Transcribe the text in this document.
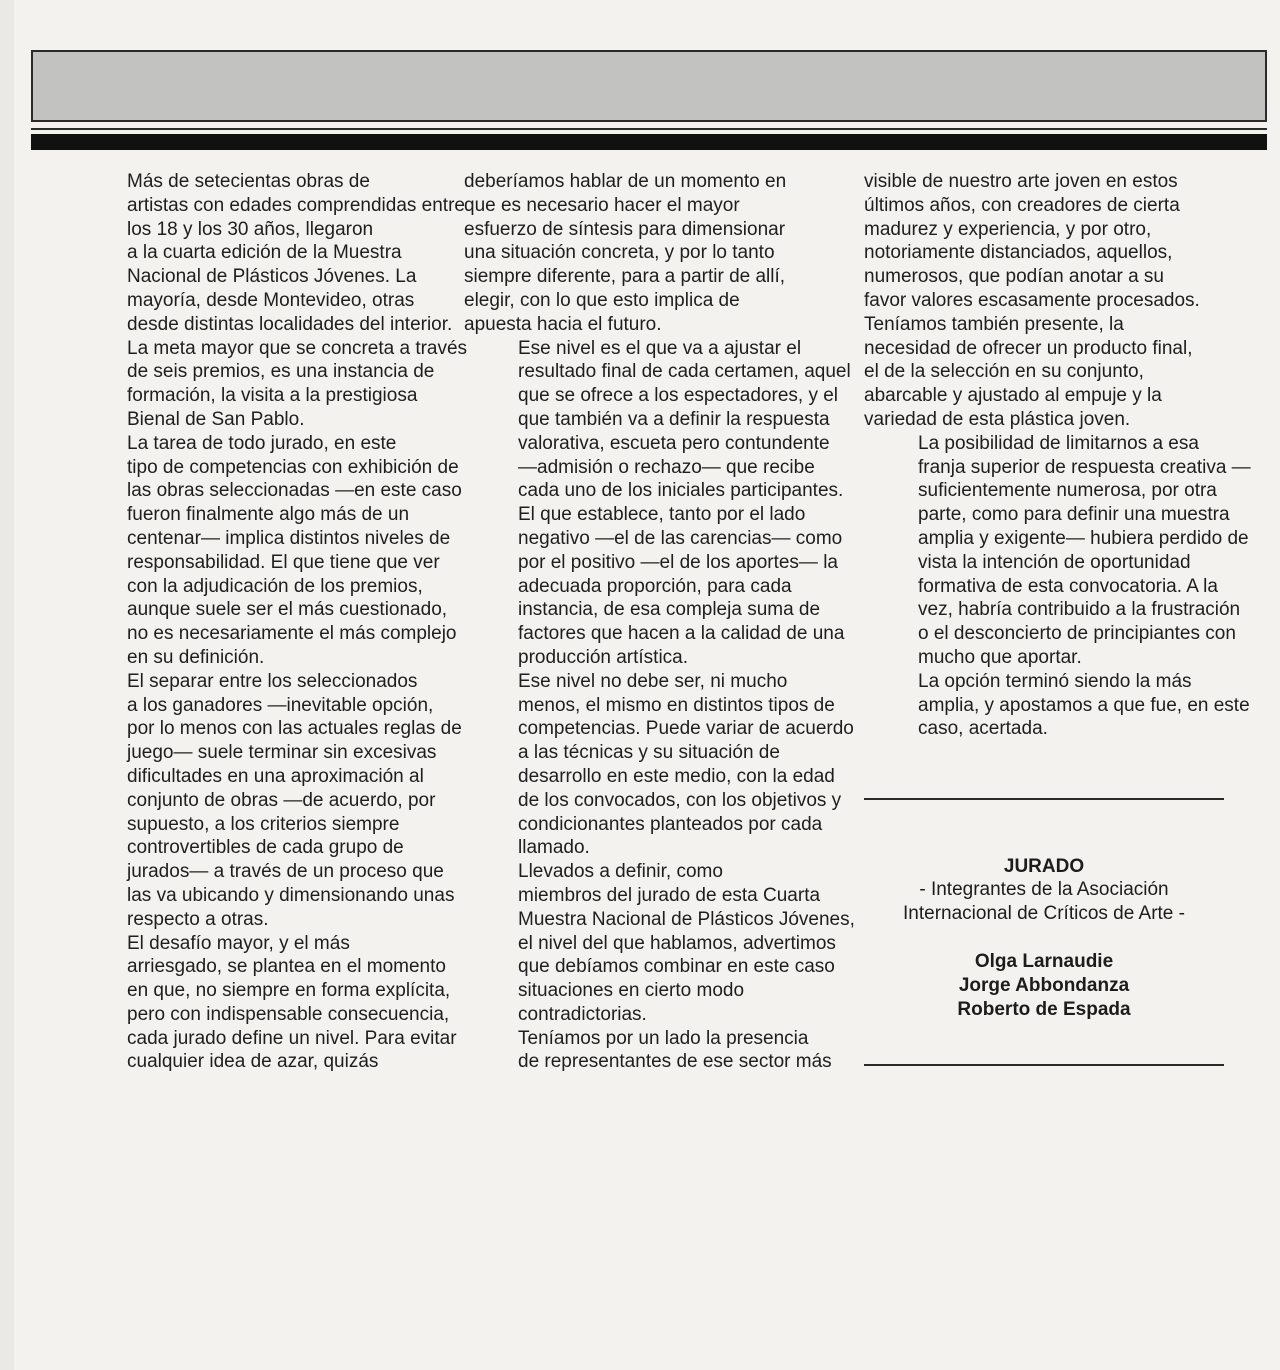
Más de setecientas obras de
artistas con edades comprendidas entre
los 18 y los 30 años, llegaron
a la cuarta edición de la Muestra
Nacional de Plásticos Jóvenes. La
mayoría, desde Montevideo, otras
desde distintas localidades del interior.
La meta mayor que se concreta a través
de seis premios, es una instancia de
formación, la visita a la prestigiosa
Bienal de San Pablo.

La tarea de todo jurado, en este
tipo de competencias con exhibición de
las obras seleccionadas —en este caso
fueron finalmente algo más de un
centenar— implica distintos niveles de
responsabilidad. El que tiene que ver
con la adjudicación de los premios,
aunque suele ser el más cuestionado,
no es necesariamente el más complejo
en su definición.

El separar entre los seleccionados
a los ganadores —inevitable opción,
por lo menos con las actuales reglas de
juego— suele terminar sin excesivas
dificultades en una aproximación al
conjunto de obras —de acuerdo, por
supuesto, a los criterios siempre
controvertibles de cada grupo de
jurados— a través de un proceso que
las va ubicando y dimensionando unas
respecto a otras.

El desafío mayor, y el más
arriesgado, se plantea en el momento
en que, no siempre en forma explícita,
pero con indispensable consecuencia,
cada jurado define un nivel. Para evitar
cualquier idea de azar, quizás

deberíamos hablar de un momento en
que es necesario hacer el mayor
esfuerzo de síntesis para dimensionar
una situación concreta, y por lo tanto
siempre diferente, para a partir de allí,
elegir, con lo que esto implica de
apuesta hacia el futuro.

Ese nivel es el que va a ajustar el
resultado final de cada certamen, aquel
que se ofrece a los espectadores, y el
que también va a definir la respuesta
valorativa, escueta pero contundente
—admisión o rechazo— que recibe
cada uno de los iniciales participantes.
El que establece, tanto por el lado
negativo —el de las carencias— como
por el positivo —el de los aportes— la
adecuada proporción, para cada
instancia, de esa compleja suma de
factores que hacen a la calidad de una
producción artística.

Ese nivel no debe ser, ni mucho
menos, el mismo en distintos tipos de
competencias. Puede variar de acuerdo
a las técnicas y su situación de
desarrollo en este medio, con la edad
de los convocados, con los objetivos y
condicionantes planteados por cada
llamado.

Llevados a definir, como
miembros del jurado de esta Cuarta
Muestra Nacional de Plásticos Jóvenes,
el nivel del que hablamos, advertimos
que debíamos combinar en este caso
situaciones en cierto modo
contradictorias.

Teníamos por un lado la presencia
de representantes de ese sector más

visible de nuestro arte joven en estos
últimos años, con creadores de cierta
madurez y experiencia, y por otro,
notoriamente distanciados, aquellos,
numerosos, que podían anotar a su
favor valores escasamente procesados.
Teníamos también presente, la
necesidad de ofrecer un producto final,
el de la selección en su conjunto,
abarcable y ajustado al empuje y la
variedad de esta plástica joven.

La posibilidad de limitarnos a esa
franja superior de respuesta creativa —
suficientemente numerosa, por otra
parte, como para definir una muestra
amplia y exigente— hubiera perdido de
vista la intención de oportunidad
formativa de esta convocatoria. A la
vez, habría contribuido a la frustración
o el desconcierto de principiantes con
mucho que aportar.

La opción terminó siendo la más
amplia, y apostamos a que fue, en este
caso, acertada.

JURADO
- Integrantes de la Asociación
Internacional de Críticos de Arte -
Olga Larnaudie
Jorge Abbondanza
Roberto de Espada
